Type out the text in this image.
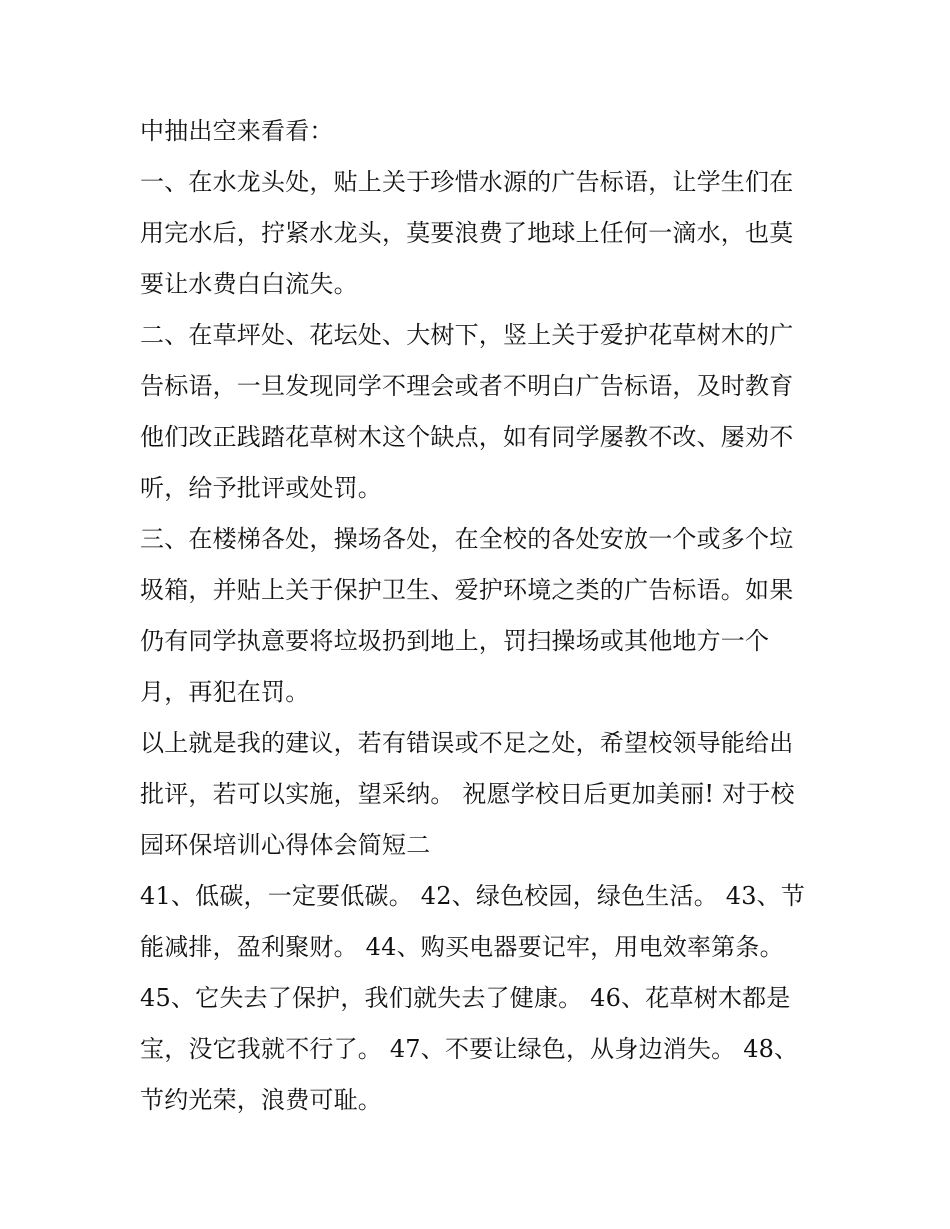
中抽出空来看看：
一、在水龙头处，贴上关于珍惜水源的广告标语，让学生们在
用完水后，拧紧水龙头，莫要浪费了地球上任何一滴水，也莫
要让水费白白流失。
二、在草坪处、花坛处、大树下，竖上关于爱护花草树木的广
告标语，一旦发现同学不理会或者不明白广告标语，及时教育
他们改正践踏花草树木这个缺点，如有同学屡教不改、屡劝不
听，给予批评或处罚。
三、在楼梯各处，操场各处，在全校的各处安放一个或多个垃
圾箱，并贴上关于保护卫生、爱护环境之类的广告标语。如果
仍有同学执意要将垃圾扔到地上，罚扫操场或其他地方一个
月，再犯在罚。
以上就是我的建议，若有错误或不足之处，希望校领导能给出
批评，若可以实施，望采纳。 祝愿学校日后更加美丽! 对于校
园环保培训心得体会简短二
41、低碳，一定要低碳。 42、绿色校园，绿色生活。 43、节
能减排，盈利聚财。 44、购买电器要记牢，用电效率第条。
45、它失去了保护，我们就失去了健康。 46、花草树木都是
宝，没它我就不行了。 47、不要让绿色，从身边消失。 48、
节约光荣，浪费可耻。
